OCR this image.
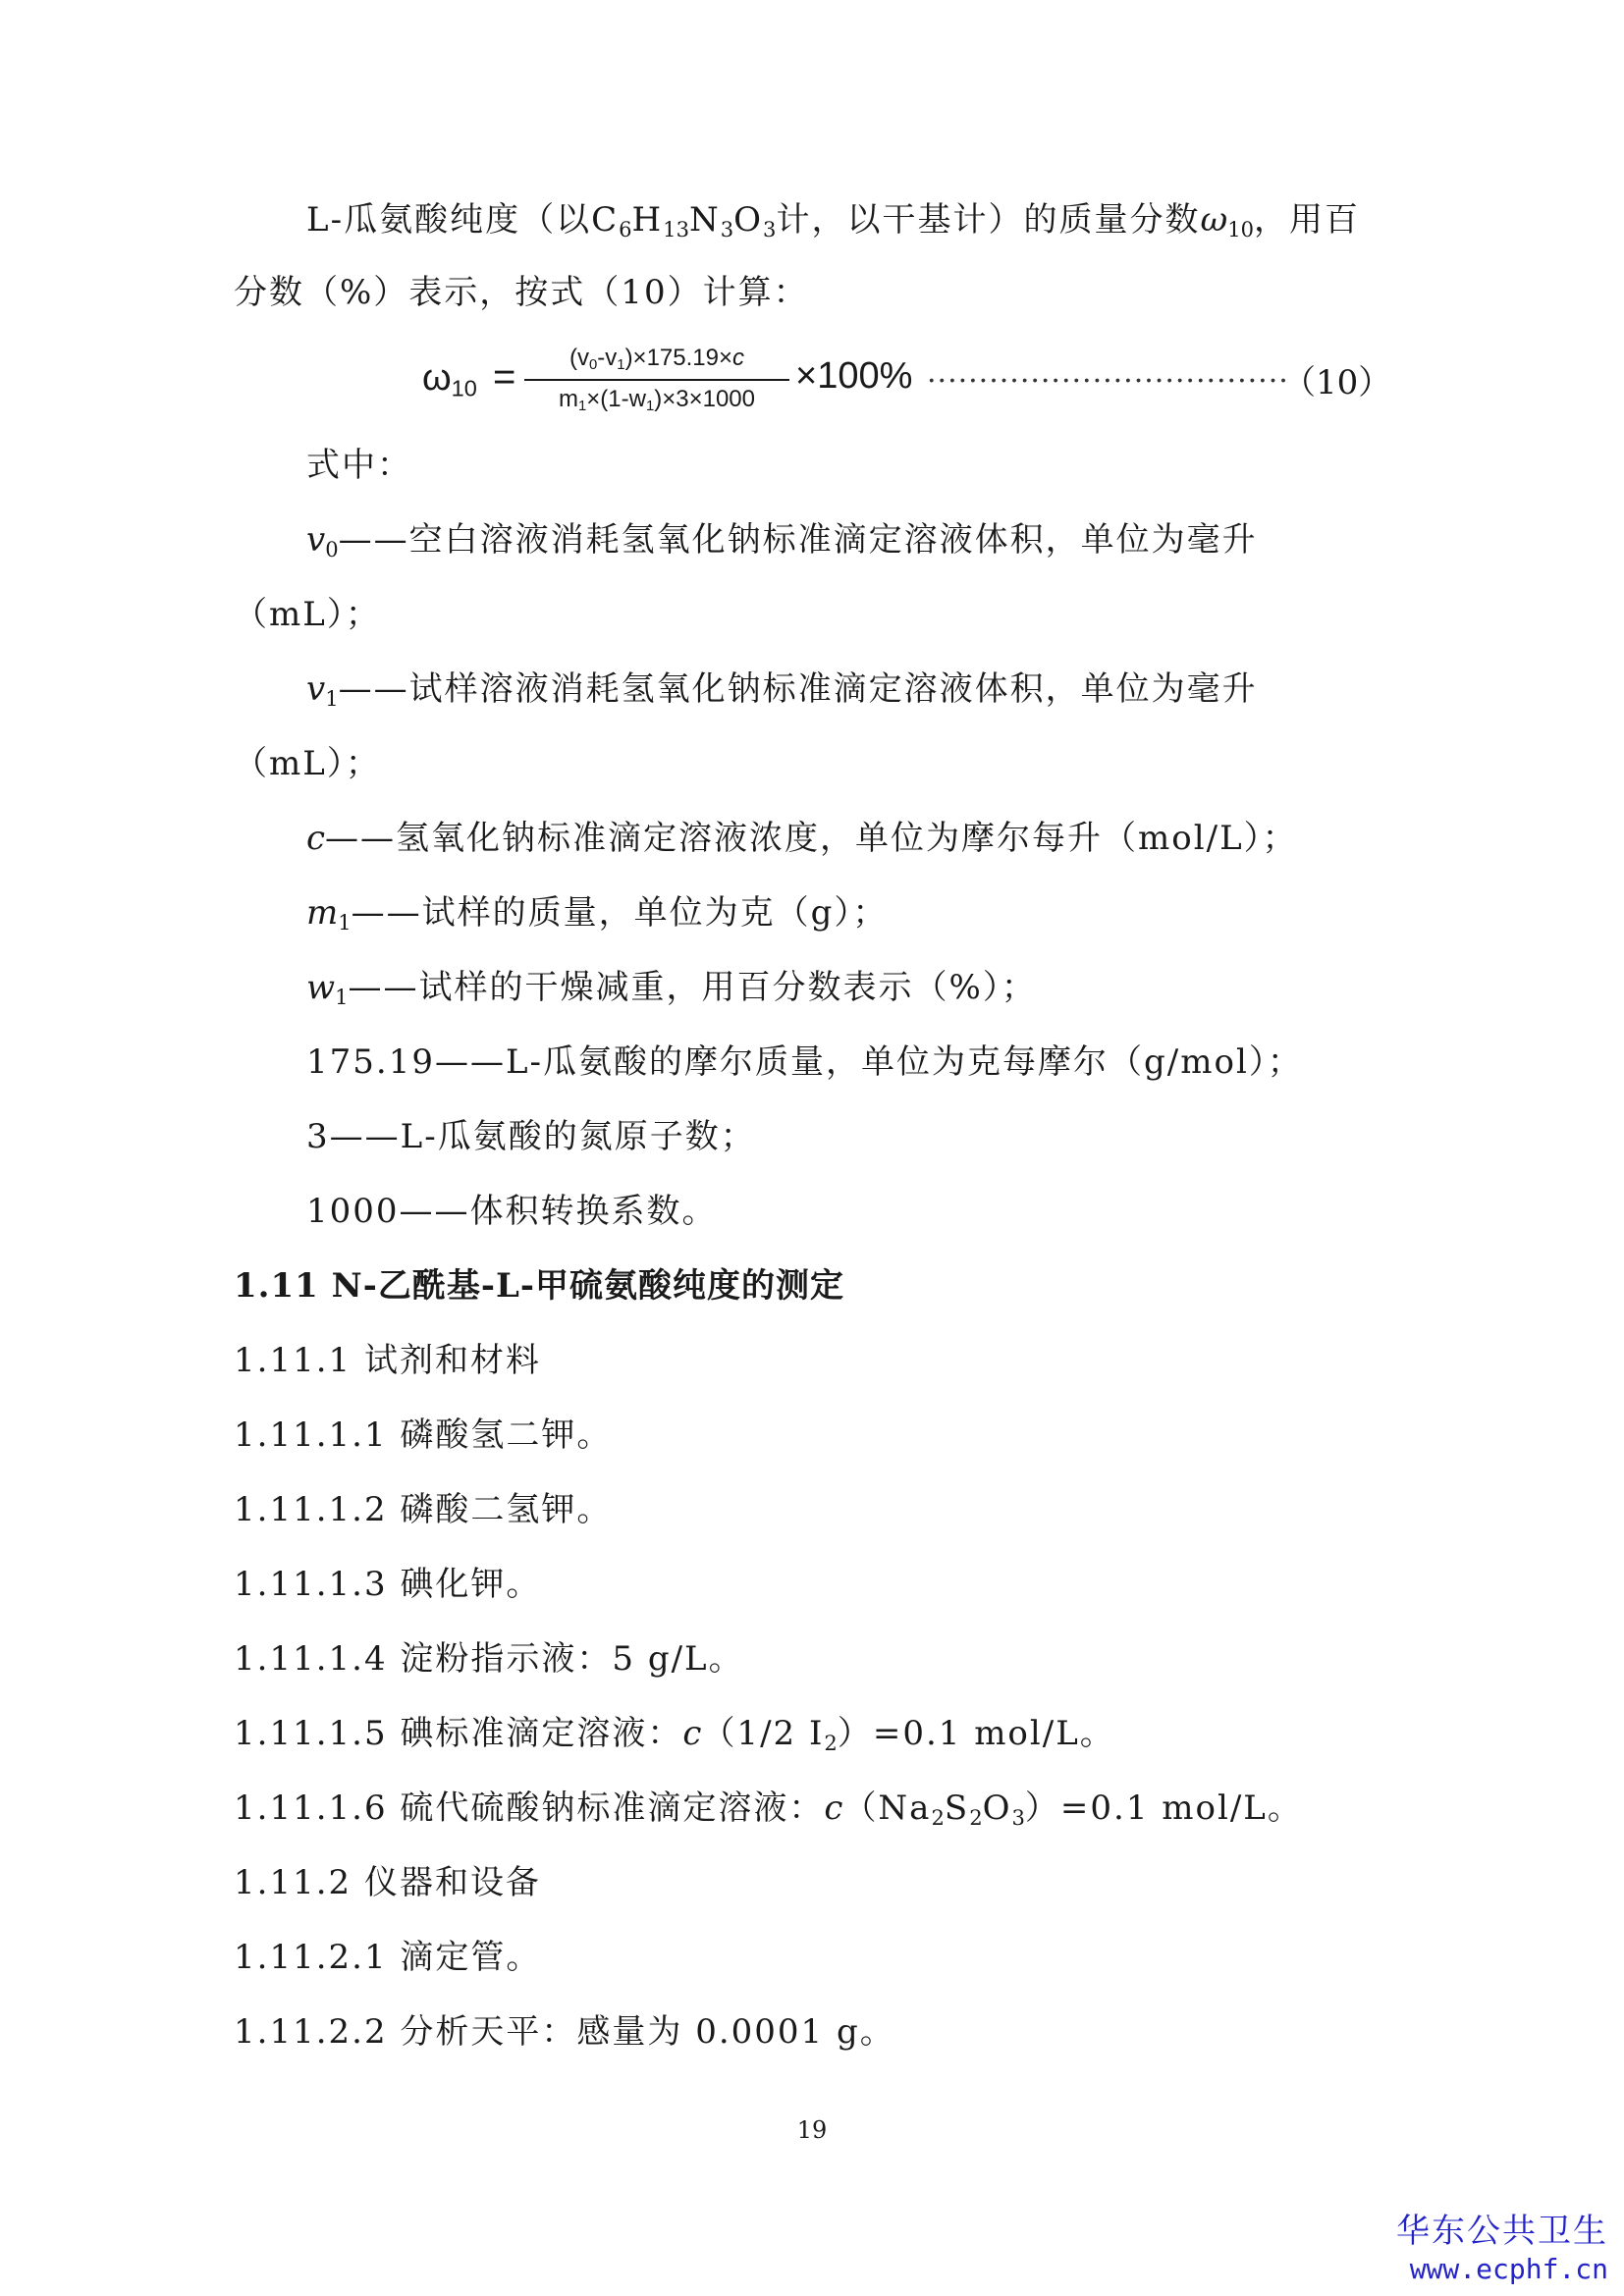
L-瓜氨酸纯度（以$C_6H_{13}N_3O_3$计，以干基计）的质量分数$\omega_{10}$，用百
分数（%）表示，按式（10）计算：
$\omega_{10}$ =	$(v_0-v_1)\times 175.19\times c$
$m_1\times(1-w_1)\times 3\times 1000$
×100% ...................................
（10）
式中：
$v_0——$空白溶液消耗氢氧化钠标准滴定溶液体积，单位为毫升
（mL）；
$v_1——$试样溶液消耗氢氧化钠标准滴定溶液体积，单位为毫升
（mL）；
c——氢氧化钠标准滴定溶液浓度，单位为摩尔每升（mol/L）；
$m_1——$试样的质量，单位为克（g）；
$w_1——$试样的干燥减重，用百分数表示（%）；
175.19——L-瓜氨酸的摩尔质量，单位为克每摩尔（g/mol）；
3——L-瓜氨酸的氮原子数；
1000——体积转换系数。
1.11 N-乙酰基-L-甲硫氨酸纯度的测定
1.11.1 试剂和材料
1.11.1.1 磷酸氢二钾。
1.11.1.2 磷酸二氢钾。
1.11.1.3 碘化钾。
1.11.1.4 淀粉指示液：5 g/L。
1.11.1.5 碘标准滴定溶液：c（1/2 $I_2)=0.1$ mol/L。
1.11.1.6 硫代硫酸钠标准滴定溶液：$c(Na_2S_2O_3)=0.1$ mol/L。
1.11.2 仪器和设备
1.11.2.1 滴定管。
1.11.2.2 分析天平：感量为 0.0001 g。
19
华东公共卫生
www.ecphf.cn
